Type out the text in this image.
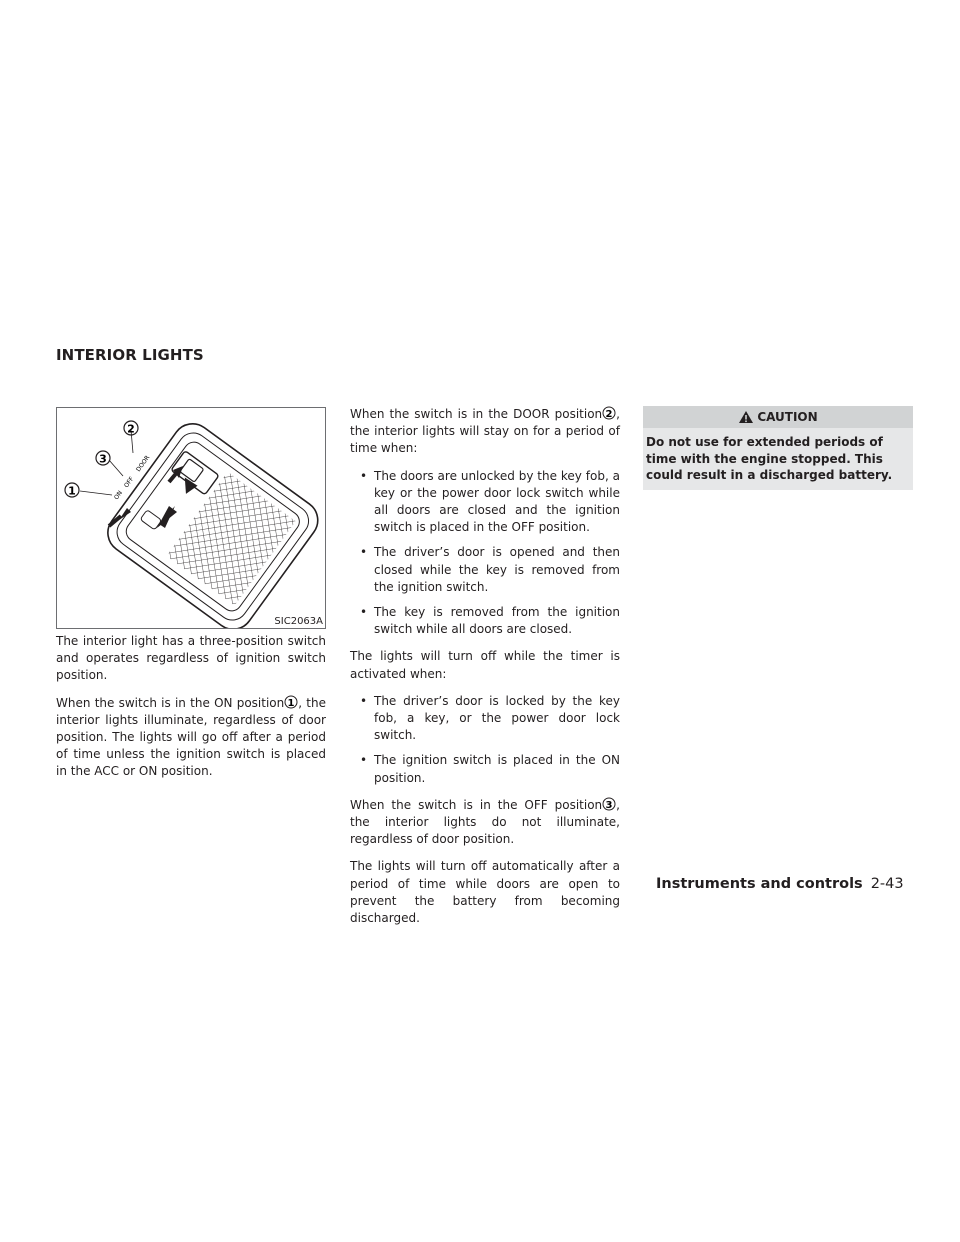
INTERIOR LIGHTS
ON
OFF
DOOR
1
3
2
SIC2063A

The interior light has a three-position switch and operates regardless of ignition switch position.

When the switch is in the ON position 1 , the interior lights illuminate, regardless of door position. The lights will go off after a period of time unless the ignition switch is placed in the ACC or ON position.

When the switch is in the DOOR position 2 , the interior lights will stay on for a period of time when:

• The doors are unlocked by the key fob, a key or the power door lock switch while all doors are closed and the ignition switch is placed in the OFF position.
• The driver’s door is opened and then closed while the key is removed from the ignition switch.
• The key is removed from the ignition switch while all doors are closed.

The lights will turn off while the timer is activated when:

• The driver’s door is locked by the key fob, a key, or the power door lock switch.
• The ignition switch is placed in the ON position.

When the switch is in the OFF position 3 , the interior lights do not illuminate, regardless of door position.

The lights will turn off automatically after a period of time while doors are open to prevent the battery from becoming discharged.

CAUTION
Do not use for extended periods of time with the engine stopped. This could result in a discharged battery.
Instruments and controls 2-43
